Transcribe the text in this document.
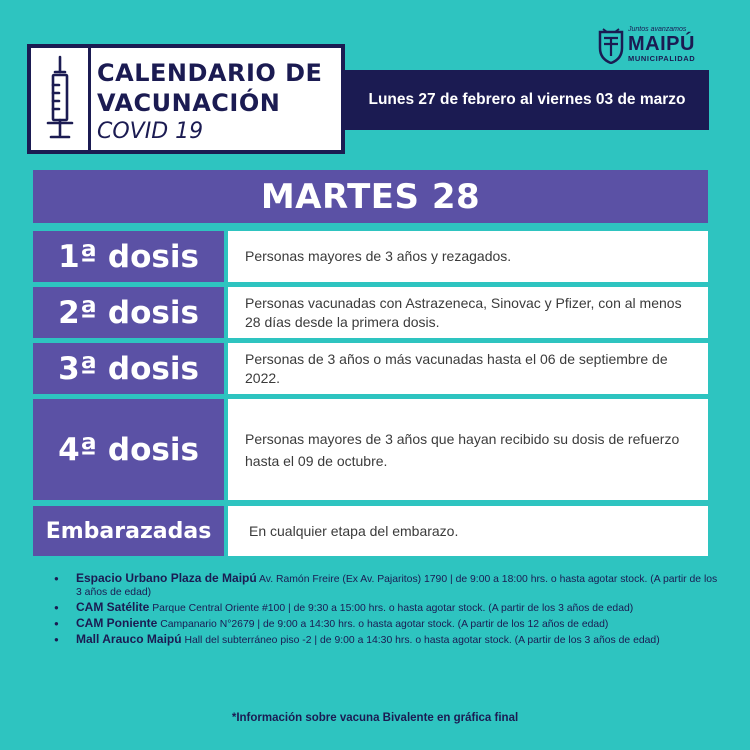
CALENDARIO DE
VACUNACIÓN
COVID 19
Lunes 27 de febrero al viernes 03 de marzo
Juntos avanzamos
MAIPÚ
MUNICIPALIDAD
MARTES 28
1ª dosis	Personas mayores de 3 años y rezagados.
2ª dosis	Personas vacunadas con Astrazeneca, Sinovac y Pfizer, con al menos 28 días desde la primera dosis.
3ª dosis	Personas de 3 años o más vacunadas hasta el 06 de septiembre de 2022.
4ª dosis	Personas mayores de 3 años que hayan recibido su dosis de refuerzo hasta el 09 de octubre.
Embarazadas	En cualquier etapa del embarazo.
● Espacio Urbano Plaza de Maipú Av. Ramón Freire (Ex Av. Pajaritos) 1790 | de 9:00 a 18:00 hrs. o hasta agotar stock. (A partir de los 3 años de edad)
● CAM Satélite Parque Central Oriente #100 | de 9:30 a 15:00 hrs. o hasta agotar stock. (A partir de los 3 años de edad)
● CAM Poniente Campanario N°2679 | de 9:00 a 14:30 hrs. o hasta agotar stock. (A partir de los 12 años de edad)
● Mall Arauco Maipú Hall del subterráneo piso -2 | de 9:00 a 14:30 hrs. o hasta agotar stock. (A partir de los 3 años de edad)
*Información sobre vacuna Bivalente en gráfica final
